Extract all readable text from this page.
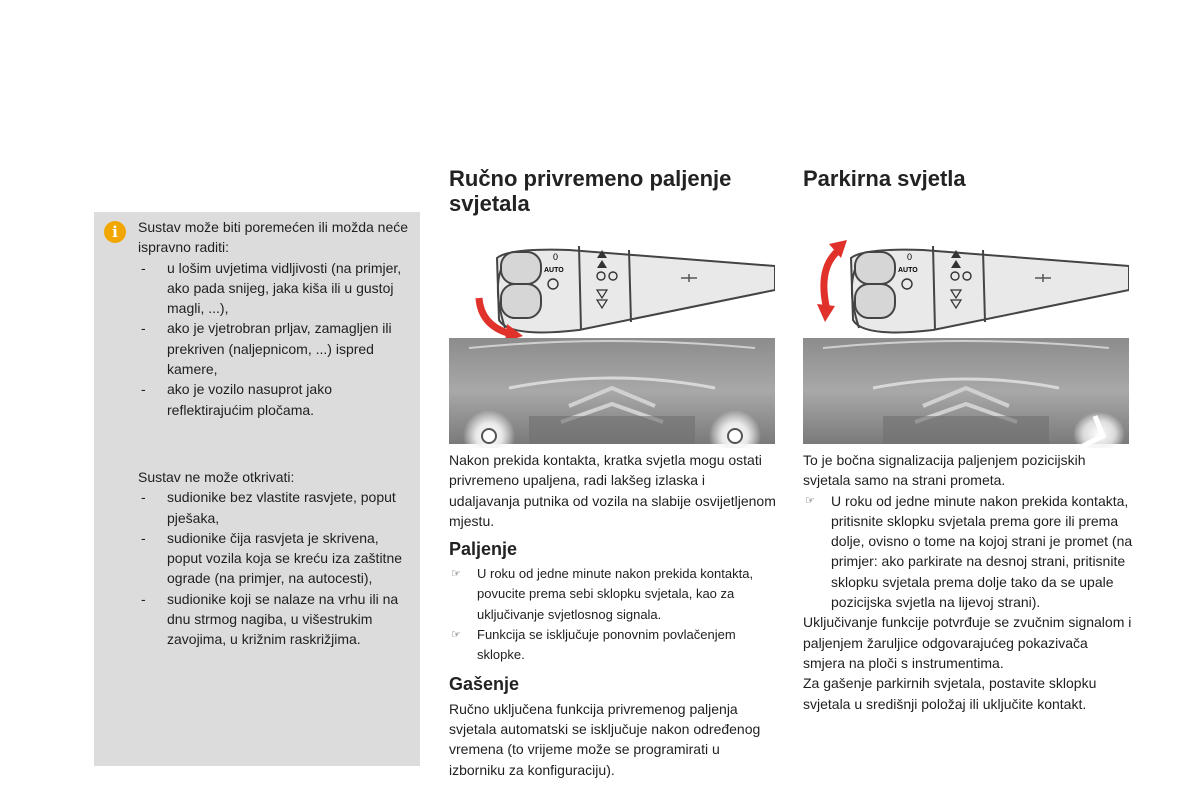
i	Sustav može biti poremećen ili možda neće ispravno raditi:

- u lošim uvjetima vidljivosti (na primjer, ako pada snijeg, jaka kiša ili u gustoj magli, ...),
- ako je vjetrobran prljav, zamagljen ili prekriven (naljepnicom, ...) ispred kamere,
- ako je vozilo nasuprot jako reflektirajućim pločama.

Sustav ne može otkrivati:

- sudionike bez vlastite rasvjete, poput pješaka,
- sudionike čija rasvjeta je skrivena, poput vozila koja se kreću iza zaštitne ograde (na primjer, na autocesti),
- sudionike koji se nalaze na vrhu ili na dnu strmog nagiba, u višestrukim zavojima, u križnim raskrižjima.
Ručno privremeno paljenje svjetala
0
AUTO

Nakon prekida kontakta, kratka svjetla mogu ostati privremeno upaljena, radi lakšeg izlaska i udaljavanja putnika od vozila na slabije osvijetljenom mjestu.

Paljenje
☞ U roku od jedne minute nakon prekida kontakta, povucite prema sebi sklopku svjetala, kao za uključivanje svjetlosnog signala.
☞ Funkcija se isključuje ponovnim povlačenjem sklopke.
Gašenje

Ručno uključena funkcija privremenog paljenja svjetala automatski se isključuje nakon određenog vremena (to vrijeme može se programirati u izborniku za konfiguraciju).

Parkirna svjetla
0
AUTO

To je bočna signalizacija paljenjem pozicijskih svjetala samo na strani prometa.

☞ U roku od jedne minute nakon prekida kontakta, pritisnite sklopku svjetala prema gore ili prema dolje, ovisno o tome na kojoj strani je promet (na primjer: ako parkirate na desnoj strani, pritisnite sklopku svjetala prema dolje tako da se upale pozicijska svjetla na lijevoj strani).

Uključivanje funkcije potvrđuje se zvučnim signalom i paljenjem žaruljice odgovarajućeg pokazivača smjera na ploči s instrumentima.

Za gašenje parkirnih svjetala, postavite sklopku svjetala u središnji položaj ili uključite kontakt.
